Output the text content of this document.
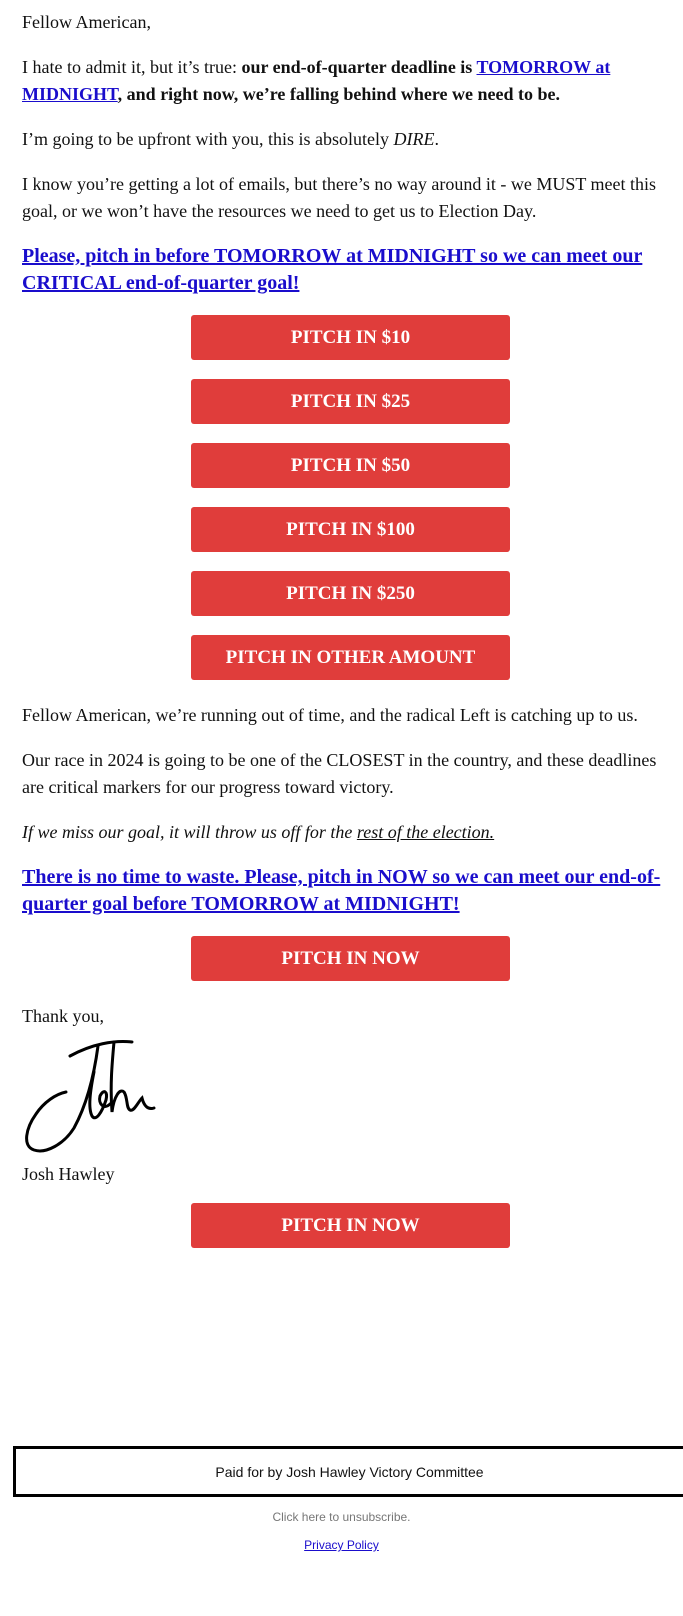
Fellow American,

I hate to admit it, but it’s true: our end-of-quarter deadline is TOMORROW at MIDNIGHT, and right now, we’re falling behind where we need to be.

I’m going to be upfront with you, this is absolutely DIRE.

I know you’re getting a lot of emails, but there’s no way around it - we MUST meet this goal, or we won’t have the resources we need to get us to Election Day.

Please, pitch in before TOMORROW at MIDNIGHT so we can meet our CRITICAL end-of-quarter goal!

PITCH IN $10
PITCH IN $25
PITCH IN $50
PITCH IN $100
PITCH IN $250
PITCH IN OTHER AMOUNT

Fellow American, we’re running out of time, and the radical Left is catching up to us.

Our race in 2024 is going to be one of the CLOSEST in the country, and these deadlines are critical markers for our progress toward victory.

If we miss our goal, it will throw us off for the rest of the election.

There is no time to waste. Please, pitch in NOW so we can meet our end-of-quarter goal before TOMORROW at MIDNIGHT!

PITCH IN NOW

Thank you,

Josh Hawley

PITCH IN NOW
Paid for by Josh Hawley Victory Committee
Click here to unsubscribe.
Privacy Policy
